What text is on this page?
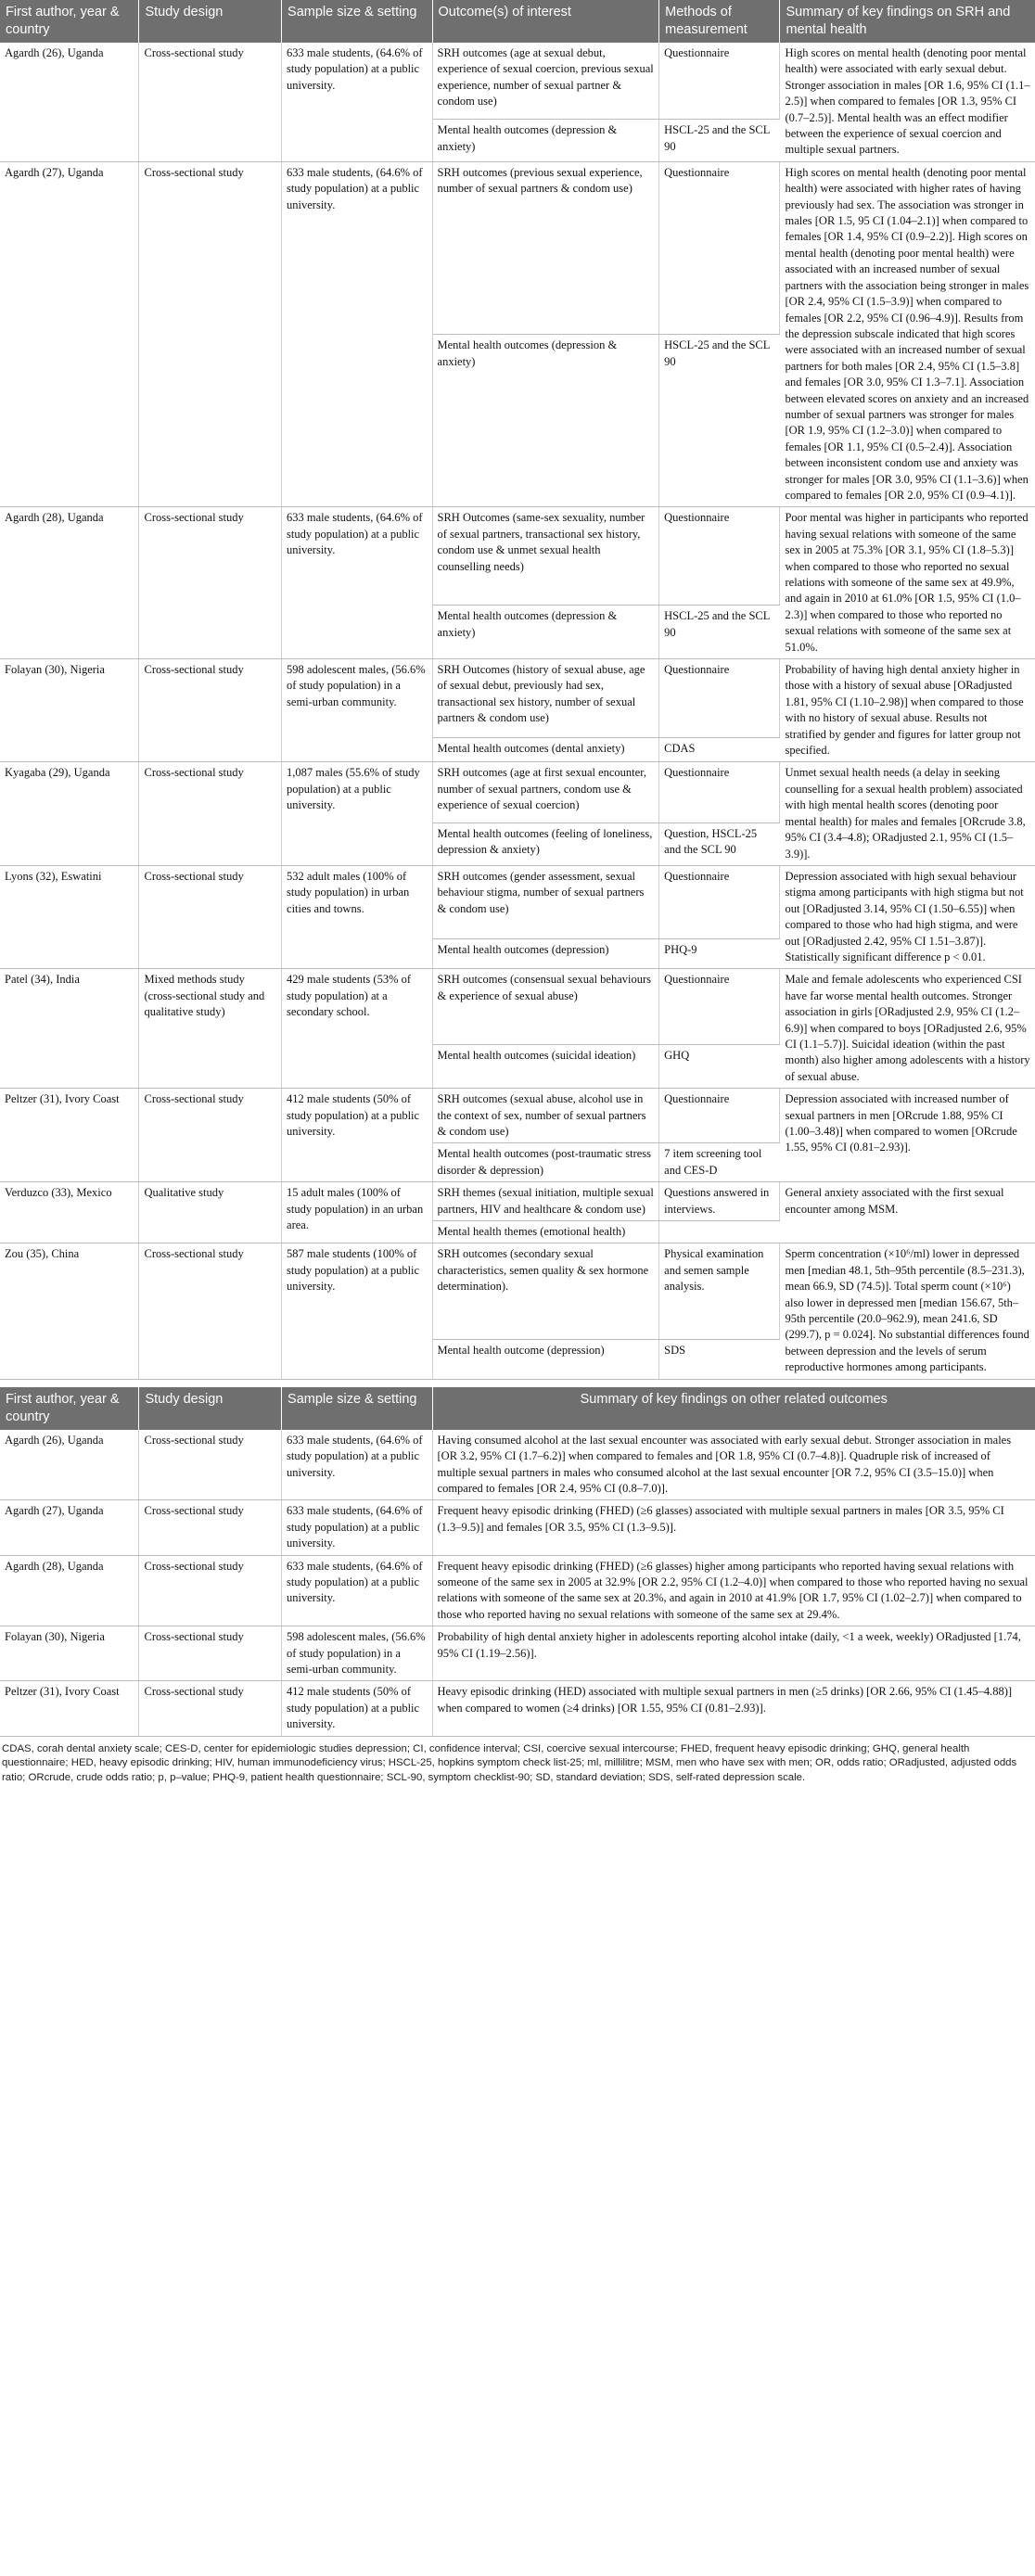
First author, year & country	Study design	Sample size & setting	Outcome(s) of interest	Methods of measurement	Summary of key findings on SRH and mental health
Agardh (26), Uganda	Cross-sectional study	633 male students, (64.6% of study population) at a public university.	SRH outcomes (age at sexual debut, experience of sexual coercion, previous sexual experience, number of sexual partner & condom use)	Questionnaire	High scores on mental health (denoting poor mental health) were associated with early sexual debut. Stronger association in males [OR 1.6, 95% CI (1.1–2.5)] when compared to females [OR 1.3, 95% CI (0.7–2.5)]. Mental health was an effect modifier between the experience of sexual coercion and multiple sexual partners.
			Mental health outcomes (depression & anxiety)	HSCL-25 and the SCL 90	
Agardh (27), Uganda	Cross-sectional study	633 male students, (64.6% of study population) at a public university.	SRH outcomes (previous sexual experience, number of sexual partners & condom use)	Questionnaire	High scores on mental health (denoting poor mental health) were associated with higher rates of having previously had sex. The association was stronger in males [OR 1.5, 95 CI (1.04–2.1)] when compared to females [OR 1.4, 95% CI (0.9–2.2)]. High scores on mental health (denoting poor mental health) were associated with an increased number of sexual partners with the association being stronger in males [OR 2.4, 95% CI (1.5–3.9)] when compared to females [OR 2.2, 95% CI (0.96–4.9)]. Results from the depression subscale indicated that high scores were associated with an increased number of sexual partners for both males [OR 2.4, 95% CI (1.5–3.8] and females [OR 3.0, 95% CI 1.3–7.1]. Association between elevated scores on anxiety and an increased number of sexual partners was stronger for males [OR 1.9, 95% CI (1.2–3.0)] when compared to females [OR 1.1, 95% CI (0.5–2.4)]. Association between inconsistent condom use and anxiety was stronger for males [OR 3.0, 95% CI (1.1–3.6)] when compared to females [OR 2.0, 95% CI (0.9–4.1)].
			Mental health outcomes (depression & anxiety)	HSCL-25 and the SCL 90	
Agardh (28), Uganda	Cross-sectional study	633 male students, (64.6% of study population) at a public university.	SRH Outcomes (same-sex sexuality, number of sexual partners, transactional sex history, condom use & unmet sexual health counselling needs)	Questionnaire	Poor mental was higher in participants who reported having sexual relations with someone of the same sex in 2005 at 75.3% [OR 3.1, 95% CI (1.8–5.3)] when compared to those who reported no sexual relations with someone of the same sex at 49.9%, and again in 2010 at 61.0% [OR 1.5, 95% CI (1.0–2.3)] when compared to those who reported no sexual relations with someone of the same sex at 51.0%.
			Mental health outcomes (depression & anxiety)	HSCL-25 and the SCL 90	
Folayan (30), Nigeria	Cross-sectional study	598 adolescent males, (56.6% of study population) in a semi-urban community.	SRH Outcomes (history of sexual abuse, age of sexual debut, previously had sex, transactional sex history, number of sexual partners & condom use)	Questionnaire	Probability of having high dental anxiety higher in those with a history of sexual abuse [ORadjusted 1.81, 95% CI (1.10–2.98)] when compared to those with no history of sexual abuse. Results not stratified by gender and figures for latter group not specified.
			Mental health outcomes (dental anxiety)	CDAS	
Kyagaba (29), Uganda	Cross-sectional study	1,087 males (55.6% of study population) at a public university.	SRH outcomes (age at first sexual encounter, number of sexual partners, condom use & experience of sexual coercion)	Questionnaire	Unmet sexual health needs (a delay in seeking counselling for a sexual health problem) associated with high mental health scores (denoting poor mental health) for males and females [ORcrude 3.8, 95% CI (3.4–4.8); ORadjusted 2.1, 95% CI (1.5–3.9)].
			Mental health outcomes (feeling of loneliness, depression & anxiety)	Question, HSCL-25 and the SCL 90	
Lyons (32), Eswatini	Cross-sectional study	532 adult males (100% of study population) in urban cities and towns.	SRH outcomes (gender assessment, sexual behaviour stigma, number of sexual partners & condom use)	Questionnaire	Depression associated with high sexual behaviour stigma among participants with high stigma but not out [ORadjusted 3.14, 95% CI (1.50–6.55)] when compared to those who had high stigma, and were out [ORadjusted 2.42, 95% CI 1.51–3.87)]. Statistically significant difference p < 0.01.
			Mental health outcomes (depression)	PHQ-9	
Patel (34), India	Mixed methods study (cross-sectional study and qualitative study)	429 male students (53% of study population) at a secondary school.	SRH outcomes (consensual sexual behaviours & experience of sexual abuse)	Questionnaire	Male and female adolescents who experienced CSI have far worse mental health outcomes. Stronger association in girls [ORadjusted 2.9, 95% CI (1.2–6.9)] when compared to boys [ORadjusted 2.6, 95% CI (1.1–5.7)]. Suicidal ideation (within the past month) also higher among adolescents with a history of sexual abuse.
			Mental health outcomes (suicidal ideation)	GHQ	
Peltzer (31), Ivory Coast	Cross-sectional study	412 male students (50% of study population) at a public university.	SRH outcomes (sexual abuse, alcohol use in the context of sex, number of sexual partners & condom use)	Questionnaire	Depression associated with increased number of sexual partners in men [ORcrude 1.88, 95% CI (1.00–3.48)] when compared to women [ORcrude 1.55, 95% CI (0.81–2.93)].
			Mental health outcomes (post-traumatic stress disorder & depression)	7 item screening tool and CES-D	
Verduzco (33), Mexico	Qualitative study	15 adult males (100% of study population) in an urban area.	SRH themes (sexual initiation, multiple sexual partners, HIV and healthcare & condom use)	Questions answered in interviews.	General anxiety associated with the first sexual encounter among MSM.
			Mental health themes (emotional health)		
Zou (35), China	Cross-sectional study	587 male students (100% of study population) at a public university.	SRH outcomes (secondary sexual characteristics, semen quality & sex hormone determination).	Physical examination and semen sample analysis.	Sperm concentration (×10⁶/ml) lower in depressed men [median 48.1, 5th–95th percentile (8.5–231.3), mean 66.9, SD (74.5)]. Total sperm count (×10⁶) also lower in depressed men [median 156.67, 5th–95th percentile (20.0–962.9), mean 241.6, SD (299.7), p = 0.024]. No substantial differences found between depression and the levels of serum reproductive hormones among participants.
			Mental health outcome (depression)	SDS	
First author, year & country	Study design	Sample size & setting	Summary of key findings on other related outcomes
Agardh (26), Uganda	Cross-sectional study	633 male students, (64.6% of study population) at a public university.	Having consumed alcohol at the last sexual encounter was associated with early sexual debut. Stronger association in males [OR 3.2, 95% CI (1.7–6.2)] when compared to females and [OR 1.8, 95% CI (0.7–4.8)]. Quadruple risk of increased of multiple sexual partners in males who consumed alcohol at the last sexual encounter [OR 7.2, 95% CI (3.5–15.0)] when compared to females [OR 2.4, 95% CI (0.8–7.0)].
Agardh (27), Uganda	Cross-sectional study	633 male students, (64.6% of study population) at a public university.	Frequent heavy episodic drinking (FHED) (≥6 glasses) associated with multiple sexual partners in males [OR 3.5, 95% CI (1.3–9.5)] and females [OR 3.5, 95% CI (1.3–9.5)].
Agardh (28), Uganda	Cross-sectional study	633 male students, (64.6% of study population) at a public university.	Frequent heavy episodic drinking (FHED) (≥6 glasses) higher among participants who reported having sexual relations with someone of the same sex in 2005 at 32.9% [OR 2.2, 95% CI (1.2–4.0)] when compared to those who reported having no sexual relations with someone of the same sex at 20.3%, and again in 2010 at 41.9% [OR 1.7, 95% CI (1.02–2.7)] when compared to those who reported having no sexual relations with someone of the same sex at 29.4%.
Folayan (30), Nigeria	Cross-sectional study	598 adolescent males, (56.6% of study population) in a semi-urban community.	Probability of high dental anxiety higher in adolescents reporting alcohol intake (daily, <1 a week, weekly) ORadjusted [1.74, 95% CI (1.19–2.56)].
Peltzer (31), Ivory Coast	Cross-sectional study	412 male students (50% of study population) at a public university.	Heavy episodic drinking (HED) associated with multiple sexual partners in men (≥5 drinks) [OR 2.66, 95% CI (1.45–4.88)] when compared to women (≥4 drinks) [OR 1.55, 95% CI (0.81–2.93)].
CDAS, corah dental anxiety scale; CES-D, center for epidemiologic studies depression; CI, confidence interval; CSI, coercive sexual intercourse; FHED, frequent heavy episodic drinking; GHQ, general health questionnaire; HED, heavy episodic drinking; HIV, human immunodeficiency virus; HSCL-25, hopkins symptom check list-25; ml, millilitre; MSM, men who have sex with men; OR, odds ratio; ORadjusted, adjusted odds ratio; ORcrude, crude odds ratio; p, p–value; PHQ-9, patient health questionnaire; SCL-90, symptom checklist-90; SD, standard deviation; SDS, self-rated depression scale.
